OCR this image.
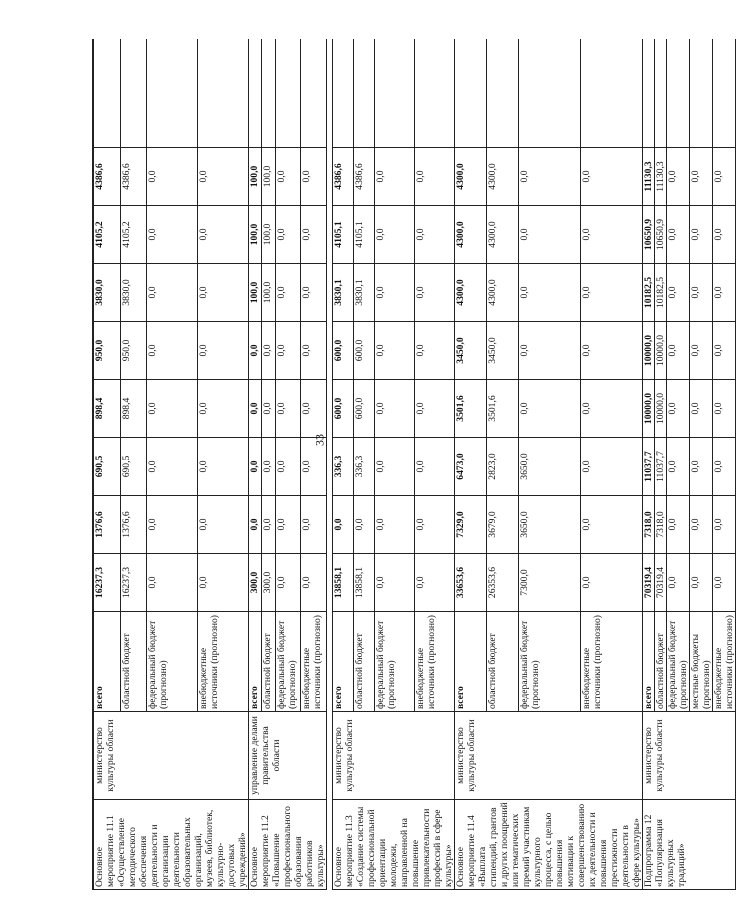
33

Основное мероприятие 11.1 «Осуществление методического обеспечения деятельности и организации деятельности образовательных организаций, музеев, библиотек, культурно-досуговых учреждений»	министерство культуры области	всего	16237,3	1376,6	690,5	898,4	950,0	3830,0	4105,2	4386,6	
		областной бюджет	16237,3	1376,6	690,5	898,4	950,0	3830,0	4105,2	4386,6	
		федеральный бюджет (прогнозно)	0,0	0,0	0,0	0,0	0,0	0,0	0,0	0,0	
		внебюджетные источники (прогнозно)	0,0	0,0	0,0	0,0	0,0	0,0	0,0	0,0	
Основное мероприятие 11.2 «Повышение профессионального образования работников культуры»	управление делами правительства области	всего	300,0	0,0	0,0	0,0	0,0	100,0	100,0	100,0	
		областной бюджет	300,0	0,0	0,0	0,0	0,0	100,0	100,0	100,0	
		федеральный бюджет (прогнозно)	0,0	0,0	0,0	0,0	0,0	0,0	0,0	0,0	
		внебюджетные источники (прогнозно)	0,0	0,0	0,0	0,0	0,0	0,0	0,0	0,0	

Основное мероприятие 11.3 «Создание системы профессиональной ориентации молодежи, направленной на повышение привлекательности профессий в сфере культуры»	министерство культуры области	всего	13858,1	0,0	336,3	600,0	600,0	3830,1	4105,1	4386,6	
		областной бюджет	13858,1	0,0	336,3	600,0	600,0	3830,1	4105,1	4386,6	
		федеральный бюджет (прогнозно)	0,0	0,0	0,0	0,0	0,0	0,0	0,0	0,0	
		внебюджетные источники (прогнозно)	0,0	0,0	0,0	0,0	0,0	0,0	0,0	0,0	
Основное мероприятие 11.4 «Выплата стипендий, грантов и других поощрений или тематических премий участникам культурного процесса, с целью повышения мотивации к совершенствованию их деятельности и повышения престижности деятельности в сфере культуры»	министерство культуры области	всего	33653,6	7329,0	6473,0	3501,6	3450,0	4300,0	4300,0	4300,0	
		областной бюджет	26353,6	3679,0	2823,0	3501,6	3450,0	4300,0	4300,0	4300,0	
		федеральный бюджет (прогнозно)	7300,0	3650,0	3650,0	0,0	0,0	0,0	0,0	0,0	
		внебюджетные источники (прогнозно)	0,0	0,0	0,0	0,0	0,0	0,0	0,0	0,0	
Подпрограмма 12 «Популяризация культурных традиций»	министерство культуры области	всего	70319,4	7318,0	11037,7	10000,0	10000,0	10182,5	10650,9	11130,3	
		областной бюджет	70319,4	7318,0	11037,7	10000,0	10000,0	10182,5	10650,9	11130,3	
		федеральный бюджет (прогнозно)	0,0	0,0	0,0	0,0	0,0	0,0	0,0	0,0	
		местные бюджеты (прогнозно)	0,0	0,0	0,0	0,0	0,0	0,0	0,0	0,0	
		внебюджетные источники (прогнозно)	0,0	0,0	0,0	0,0	0,0	0,0	0,0	0,0	
